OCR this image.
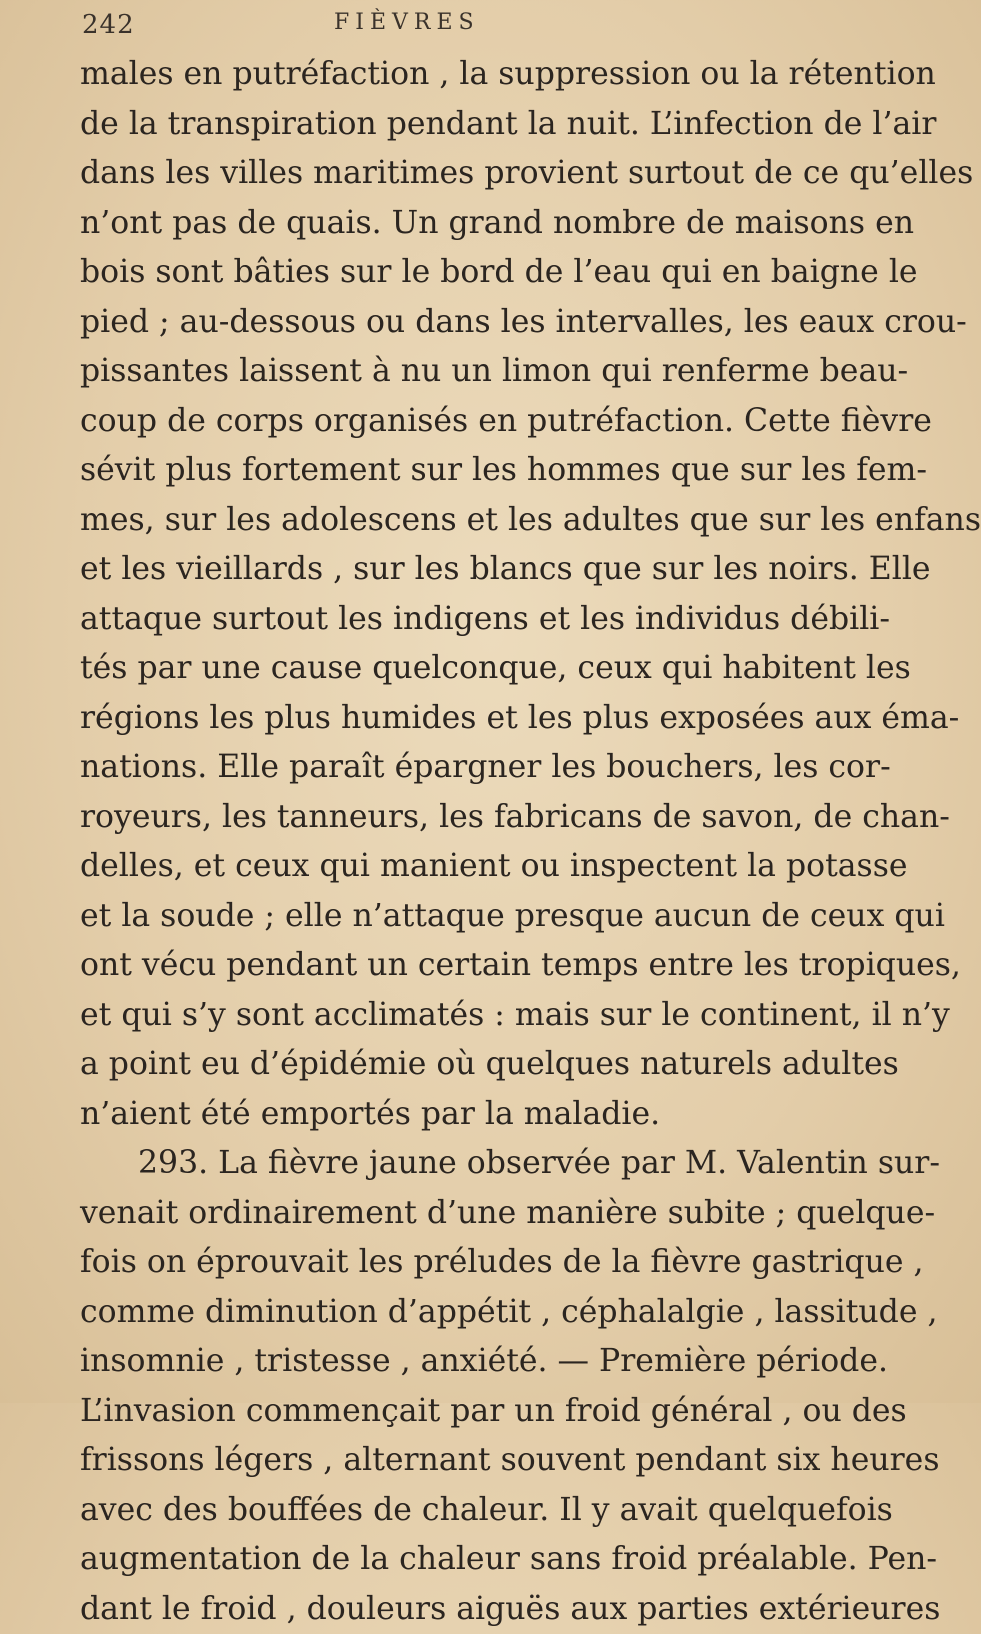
242	FIÈVRES
males en putréfaction , la suppression ou la rétention
de la transpiration pendant la nuit. L’infection de l’air
dans les villes maritimes provient surtout de ce qu’elles
n’ont pas de quais. Un grand nombre de maisons en
bois sont bâties sur le bord de l’eau qui en baigne le
pied ; au-dessous ou dans les intervalles, les eaux crou-
pissantes laissent à nu un limon qui renferme beau-
coup de corps organisés en putréfaction. Cette fièvre
sévit plus fortement sur les hommes que sur les fem-
mes, sur les adolescens et les adultes que sur les enfans
et les vieillards , sur les blancs que sur les noirs. Elle
attaque surtout les indigens et les individus débili-
tés par une cause quelconque, ceux qui habitent les
régions les plus humides et les plus exposées aux éma-
nations. Elle paraît épargner les bouchers, les cor-
royeurs, les tanneurs, les fabricans de savon, de chan-
delles, et ceux qui manient ou inspectent la potasse
et la soude ; elle n’attaque presque aucun de ceux qui
ont vécu pendant un certain temps entre les tropiques,
et qui s’y sont acclimatés : mais sur le continent, il n’y
a point eu d’épidémie où quelques naturels adultes
n’aient été emportés par la maladie.
293. La fièvre jaune observée par M. Valentin sur-
venait ordinairement d’une manière subite ; quelque-
fois on éprouvait les préludes de la fièvre gastrique ,
comme diminution d’appétit , céphalalgie , lassitude ,
insomnie , tristesse , anxiété. — Première période.
L’invasion commençait par un froid général , ou des
frissons légers , alternant souvent pendant six heures
avec des bouffées de chaleur. Il y avait quelquefois
augmentation de la chaleur sans froid préalable. Pen-
dant le froid , douleurs aiguës aux parties extérieures
